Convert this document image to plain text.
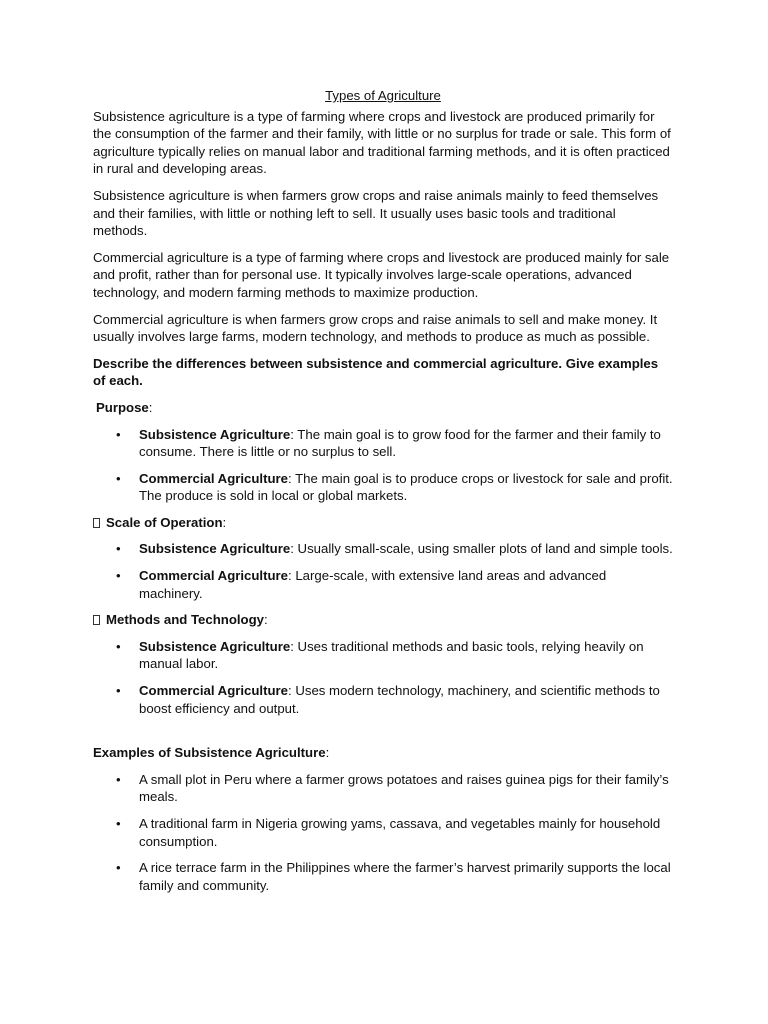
Types of Agriculture

Subsistence agriculture is a type of farming where crops and livestock are produced primarily for the consumption of the farmer and their family, with little or no surplus for trade or sale. This form of agriculture typically relies on manual labor and traditional farming methods, and it is often practiced in rural and developing areas.

Subsistence agriculture is when farmers grow crops and raise animals mainly to feed themselves and their families, with little or nothing left to sell. It usually uses basic tools and traditional methods.

Commercial agriculture is a type of farming where crops and livestock are produced mainly for sale and profit, rather than for personal use. It typically involves large-scale operations, advanced technology, and modern farming methods to maximize production.

Commercial agriculture is when farmers grow crops and raise animals to sell and make money. It usually involves large farms, modern technology, and methods to produce as much as possible.

Describe the differences between subsistence and commercial agriculture. Give examples of each.

Purpose:
• Subsistence Agriculture: The main goal is to grow food for the farmer and their family to consume. There is little or no surplus to sell.
• Commercial Agriculture: The main goal is to produce crops or livestock for sale and profit. The produce is sold in local or global markets.
Scale of Operation:
• Subsistence Agriculture: Usually small-scale, using smaller plots of land and simple tools.
• Commercial Agriculture: Large-scale, with extensive land areas and advanced machinery.
Methods and Technology:
• Subsistence Agriculture: Uses traditional methods and basic tools, relying heavily on manual labor.
• Commercial Agriculture: Uses modern technology, machinery, and scientific methods to boost efficiency and output.
Examples of Subsistence Agriculture:
• A small plot in Peru where a farmer grows potatoes and raises guinea pigs for their family’s meals.
• A traditional farm in Nigeria growing yams, cassava, and vegetables mainly for household consumption.
• A rice terrace farm in the Philippines where the farmer’s harvest primarily supports the local family and community.
